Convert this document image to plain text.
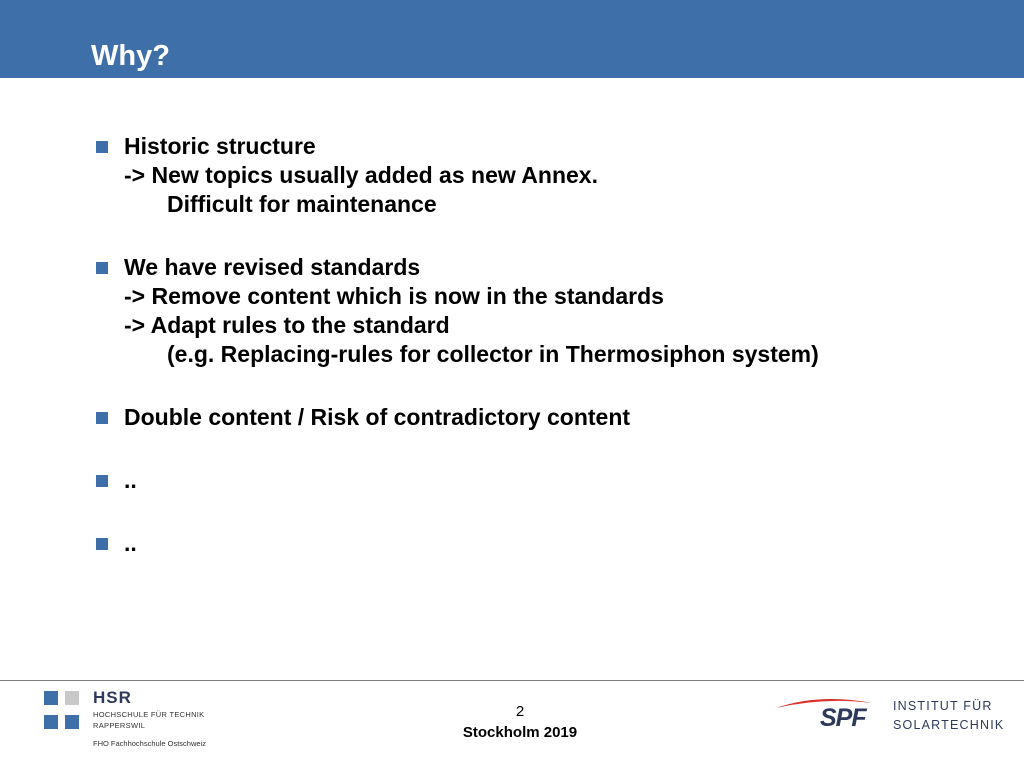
Why?
Historic structure
-> New topics usually added as new Annex.
Difficult for maintenance
We have revised standards
-> Remove content which is now in the standards
-> Adapt rules to the standard
(e.g. Replacing-rules for collector in Thermosiphon system)
Double content / Risk of contradictory content
..
..
HSR
HOCHSCHULE FÜR TECHNIK
RAPPERSWIL
FHO Fachhochschule Ostschweiz
2
Stockholm 2019
SPF INSTITUT FÜR
SOLARTECHNIK
